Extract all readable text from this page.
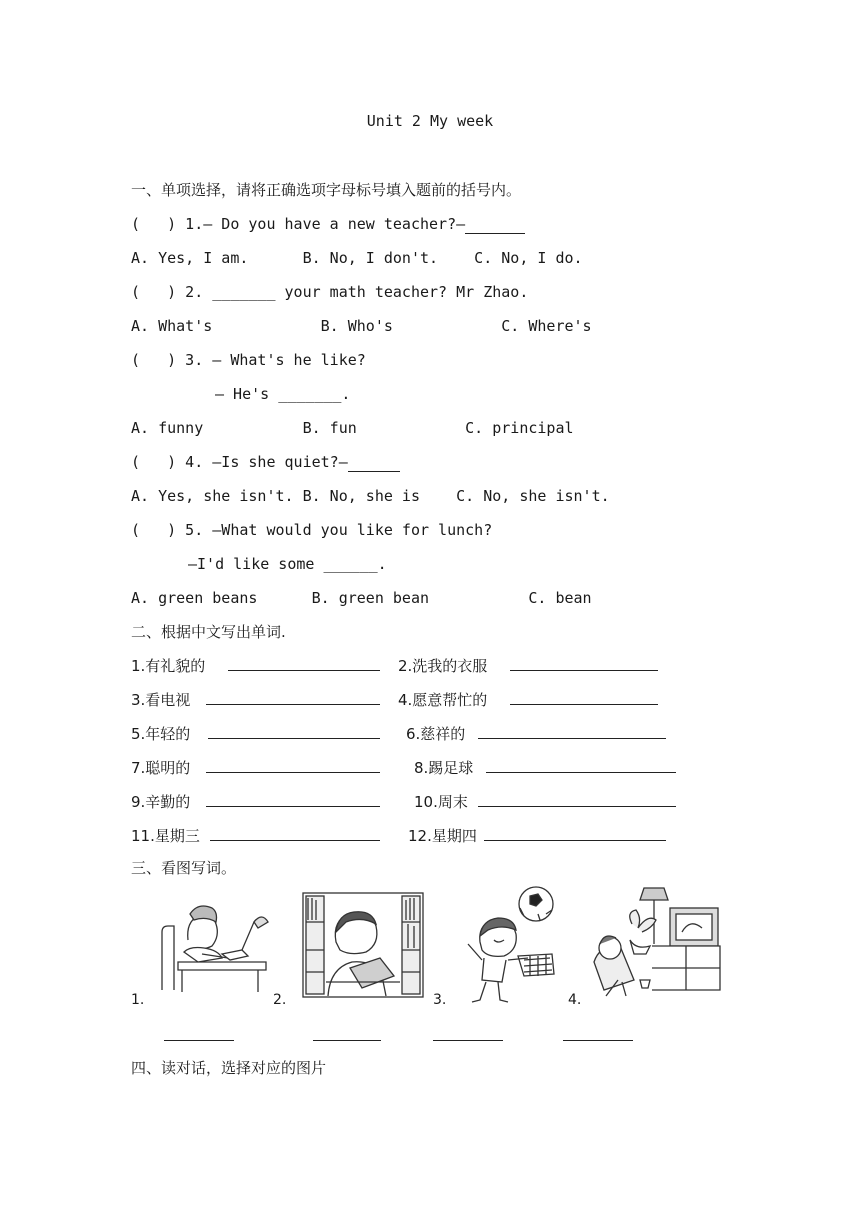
Unit 2 My week
一、单项选择，请将正确选项字母标号填入题前的括号内。
(   ) 1.— Do you have a new teacher?—
A. Yes, I am.      B. No, I don't.    C. No, I do.
(   ) 2. _______ your math teacher? Mr Zhao.
A. What's            B. Who's            C. Where's
(   ) 3. — What's he like?
— He's _______.
A. funny           B. fun            C. principal
(   ) 4. —Is she quiet?—
A. Yes, she isn't. B. No, she is    C. No, she isn't.
(   ) 5. —What would you like for lunch?
—I'd like some ______.
A. green beans      B. green bean           C. bean
二、根据中文写出单词.
1.有礼貌的	2.洗我的衣服
3.看电视	4.愿意帮忙的
5.年轻的	6.慈祥的
7.聪明的	8.踢足球
9.辛勤的	10.周末
11.星期三	12.星期四
三、看图写词。
1.	2.	3.	4.
四、读对话，选择对应的图片
